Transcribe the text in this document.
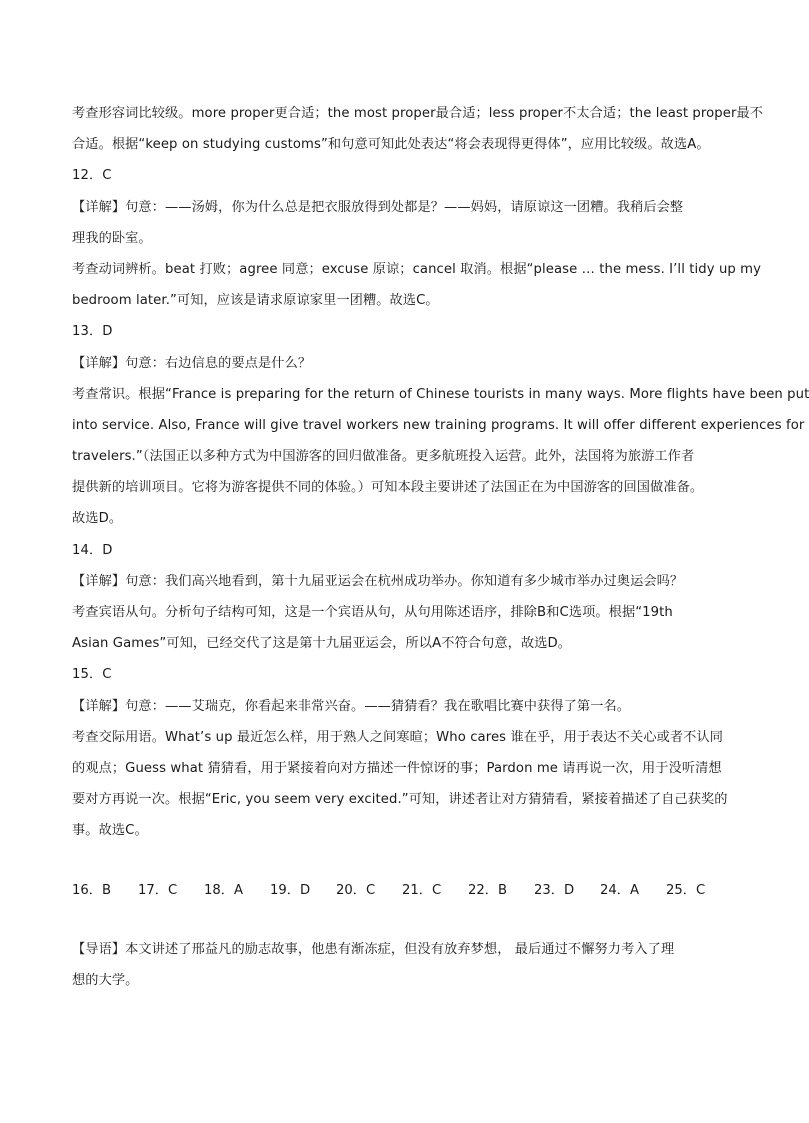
考查形容词比较级。more proper更合适；the most proper最合适；less proper不太合适；the least proper最不
合适。根据“keep on studying customs”和句意可知此处表达“将会表现得更得体”，应用比较级。故选A。
12．C
【详解】句意：——汤姆，你为什么总是把衣服放得到处都是？——妈妈，请原谅这一团糟。我稍后会整
理我的卧室。
考查动词辨析。beat 打败；agree 同意；excuse 原谅；cancel 取消。根据“please … the mess. I’ll tidy up my
bedroom later.”可知，应该是请求原谅家里一团糟。故选C。
13．D
【详解】句意：右边信息的要点是什么？
考查常识。根据“France is preparing for the return of Chinese tourists in many ways. More flights have been put
into service. Also, France will give travel workers new training programs. It will offer different experiences for
travelers.”（法国正以多种方式为中国游客的回归做准备。更多航班投入运营。此外，法国将为旅游工作者
提供新的培训项目。它将为游客提供不同的体验。）可知本段主要讲述了法国正在为中国游客的回国做准备。
故选D。
14．D
【详解】句意：我们高兴地看到，第十九届亚运会在杭州成功举办。你知道有多少城市举办过奥运会吗？
考查宾语从句。分析句子结构可知，这是一个宾语从句，从句用陈述语序，排除B和C选项。根据“19th
Asian Games”可知，已经交代了这是第十九届亚运会，所以A不符合句意，故选D。
15．C
【详解】句意：——艾瑞克，你看起来非常兴奋。——猜猜看？我在歌唱比赛中获得了第一名。
考查交际用语。What’s up 最近怎么样，用于熟人之间寒暄；Who cares 谁在乎，用于表达不关心或者不认同
的观点；Guess what 猜猜看，用于紧接着向对方描述一件惊讶的事；Pardon me 请再说一次，用于没听清想
要对方再说一次。根据“Eric, you seem very excited.”可知，讲述者让对方猜猜看，紧接着描述了自己获奖的
事。故选C。
16．B	17．C	18．A	19．D	20．C	21．C	22．B	23．D	24．A	25．C
【导语】本文讲述了邢益凡的励志故事，他患有渐冻症，但没有放弃梦想， 最后通过不懈努力考入了理
想的大学。
